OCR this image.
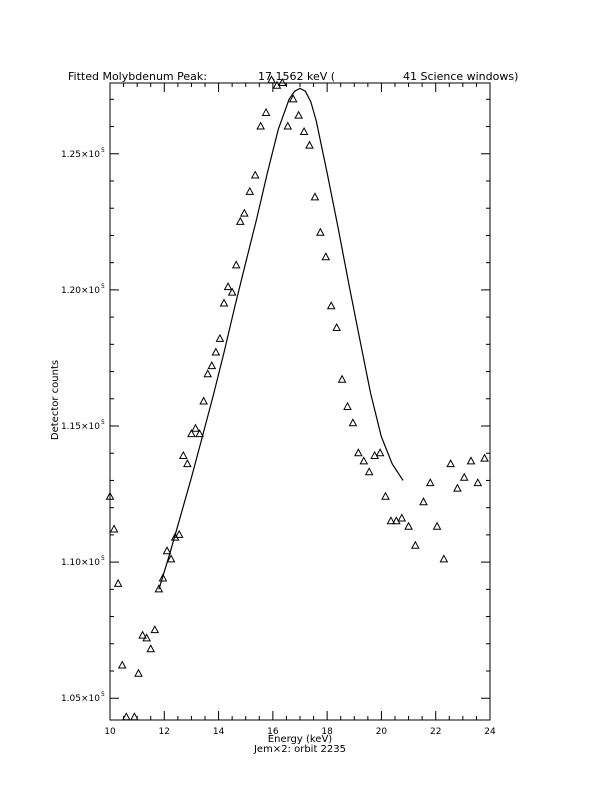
10	12	14	16	18	20	22	24
1.05×10 5
1.10×10 5
1.15×10 5
1.20×10 5
1.25×10 5
Fitted Molybdenum Peak:	17.1562 keV (	41 Science windows)
Energy (keV)
Jem×2: orbit 2235
Detector counts
